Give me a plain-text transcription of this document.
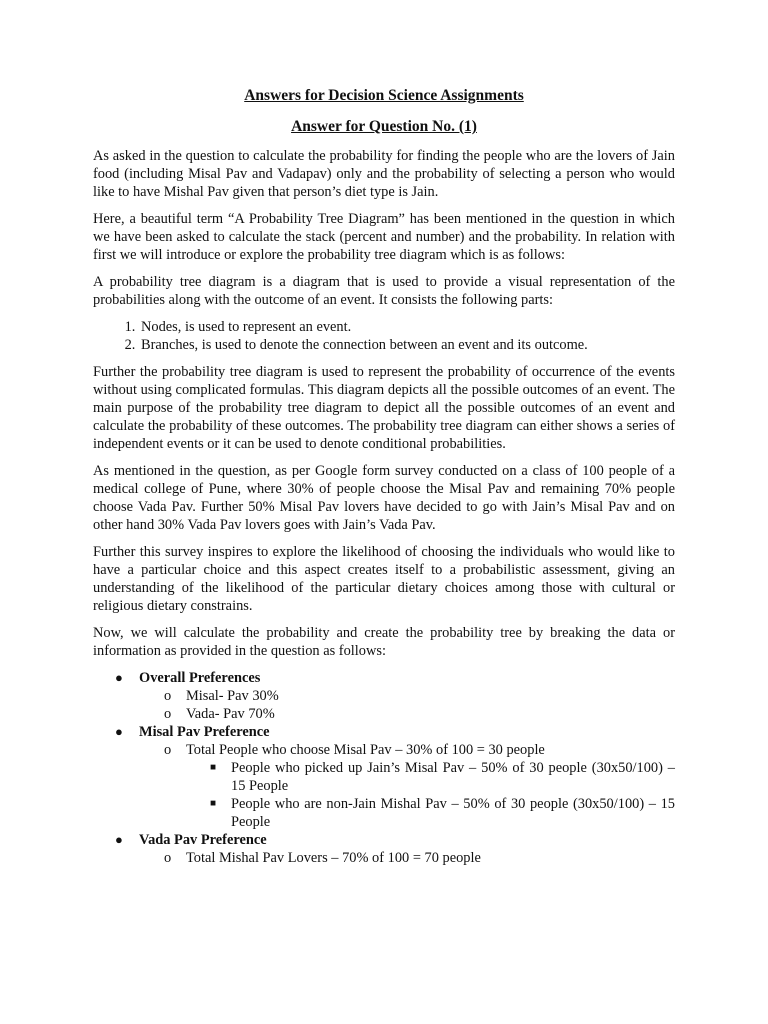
Answers for Decision Science Assignments
Answer for Question No. (1)

As asked in the question to calculate the probability for finding the people who are the lovers of Jain food (including Misal Pav and Vadapav) only and the probability of selecting a person who would like to have Mishal Pav given that person’s diet type is Jain.

Here, a beautiful term “A Probability Tree Diagram” has been mentioned in the question in which we have been asked to calculate the stack (percent and number) and the probability. In relation with first we will introduce or explore the probability tree diagram which is as follows:

A probability tree diagram is a diagram that is used to provide a visual representation of the probabilities along with the outcome of an event. It consists the following parts:

1. Nodes, is used to represent an event.
2. Branches, is used to denote the connection between an event and its outcome.

Further the probability tree diagram is used to represent the probability of occurrence of the events without using complicated formulas. This diagram depicts all the possible outcomes of an event. The main purpose of the probability tree diagram to depict all the possible outcomes of an event and calculate the probability of these outcomes. The probability tree diagram can either shows a series of independent events or it can be used to denote conditional probabilities.

As mentioned in the question, as per Google form survey conducted on a class of 100 people of a medical college of Pune, where 30% of people choose the Misal Pav and remaining 70% people choose Vada Pav. Further 50% Misal Pav lovers have decided to go with Jain’s Misal Pav and on other hand 30% Vada Pav lovers goes with Jain’s Vada Pav.

Further this survey inspires to explore the likelihood of choosing the individuals who would like to have a particular choice and this aspect creates itself to a probabilistic assessment, giving an understanding of the likelihood of the particular dietary choices among those with cultural or religious dietary constrains.

Now, we will calculate the probability and create the probability tree by breaking the data or information as provided in the question as follows:

● Overall Preferences
o Misal- Pav 30%
o Vada- Pav 70%
● Misal Pav Preference
o Total People who choose Misal Pav – 30% of 100 = 30 people
■ People who picked up Jain’s Misal Pav – 50% of 30 people (30x50/100) – 15 People
■ People who are non-Jain Mishal Pav – 50% of 30 people (30x50/100) – 15 People
● Vada Pav Preference
o Total Mishal Pav Lovers – 70% of 100 = 70 people
